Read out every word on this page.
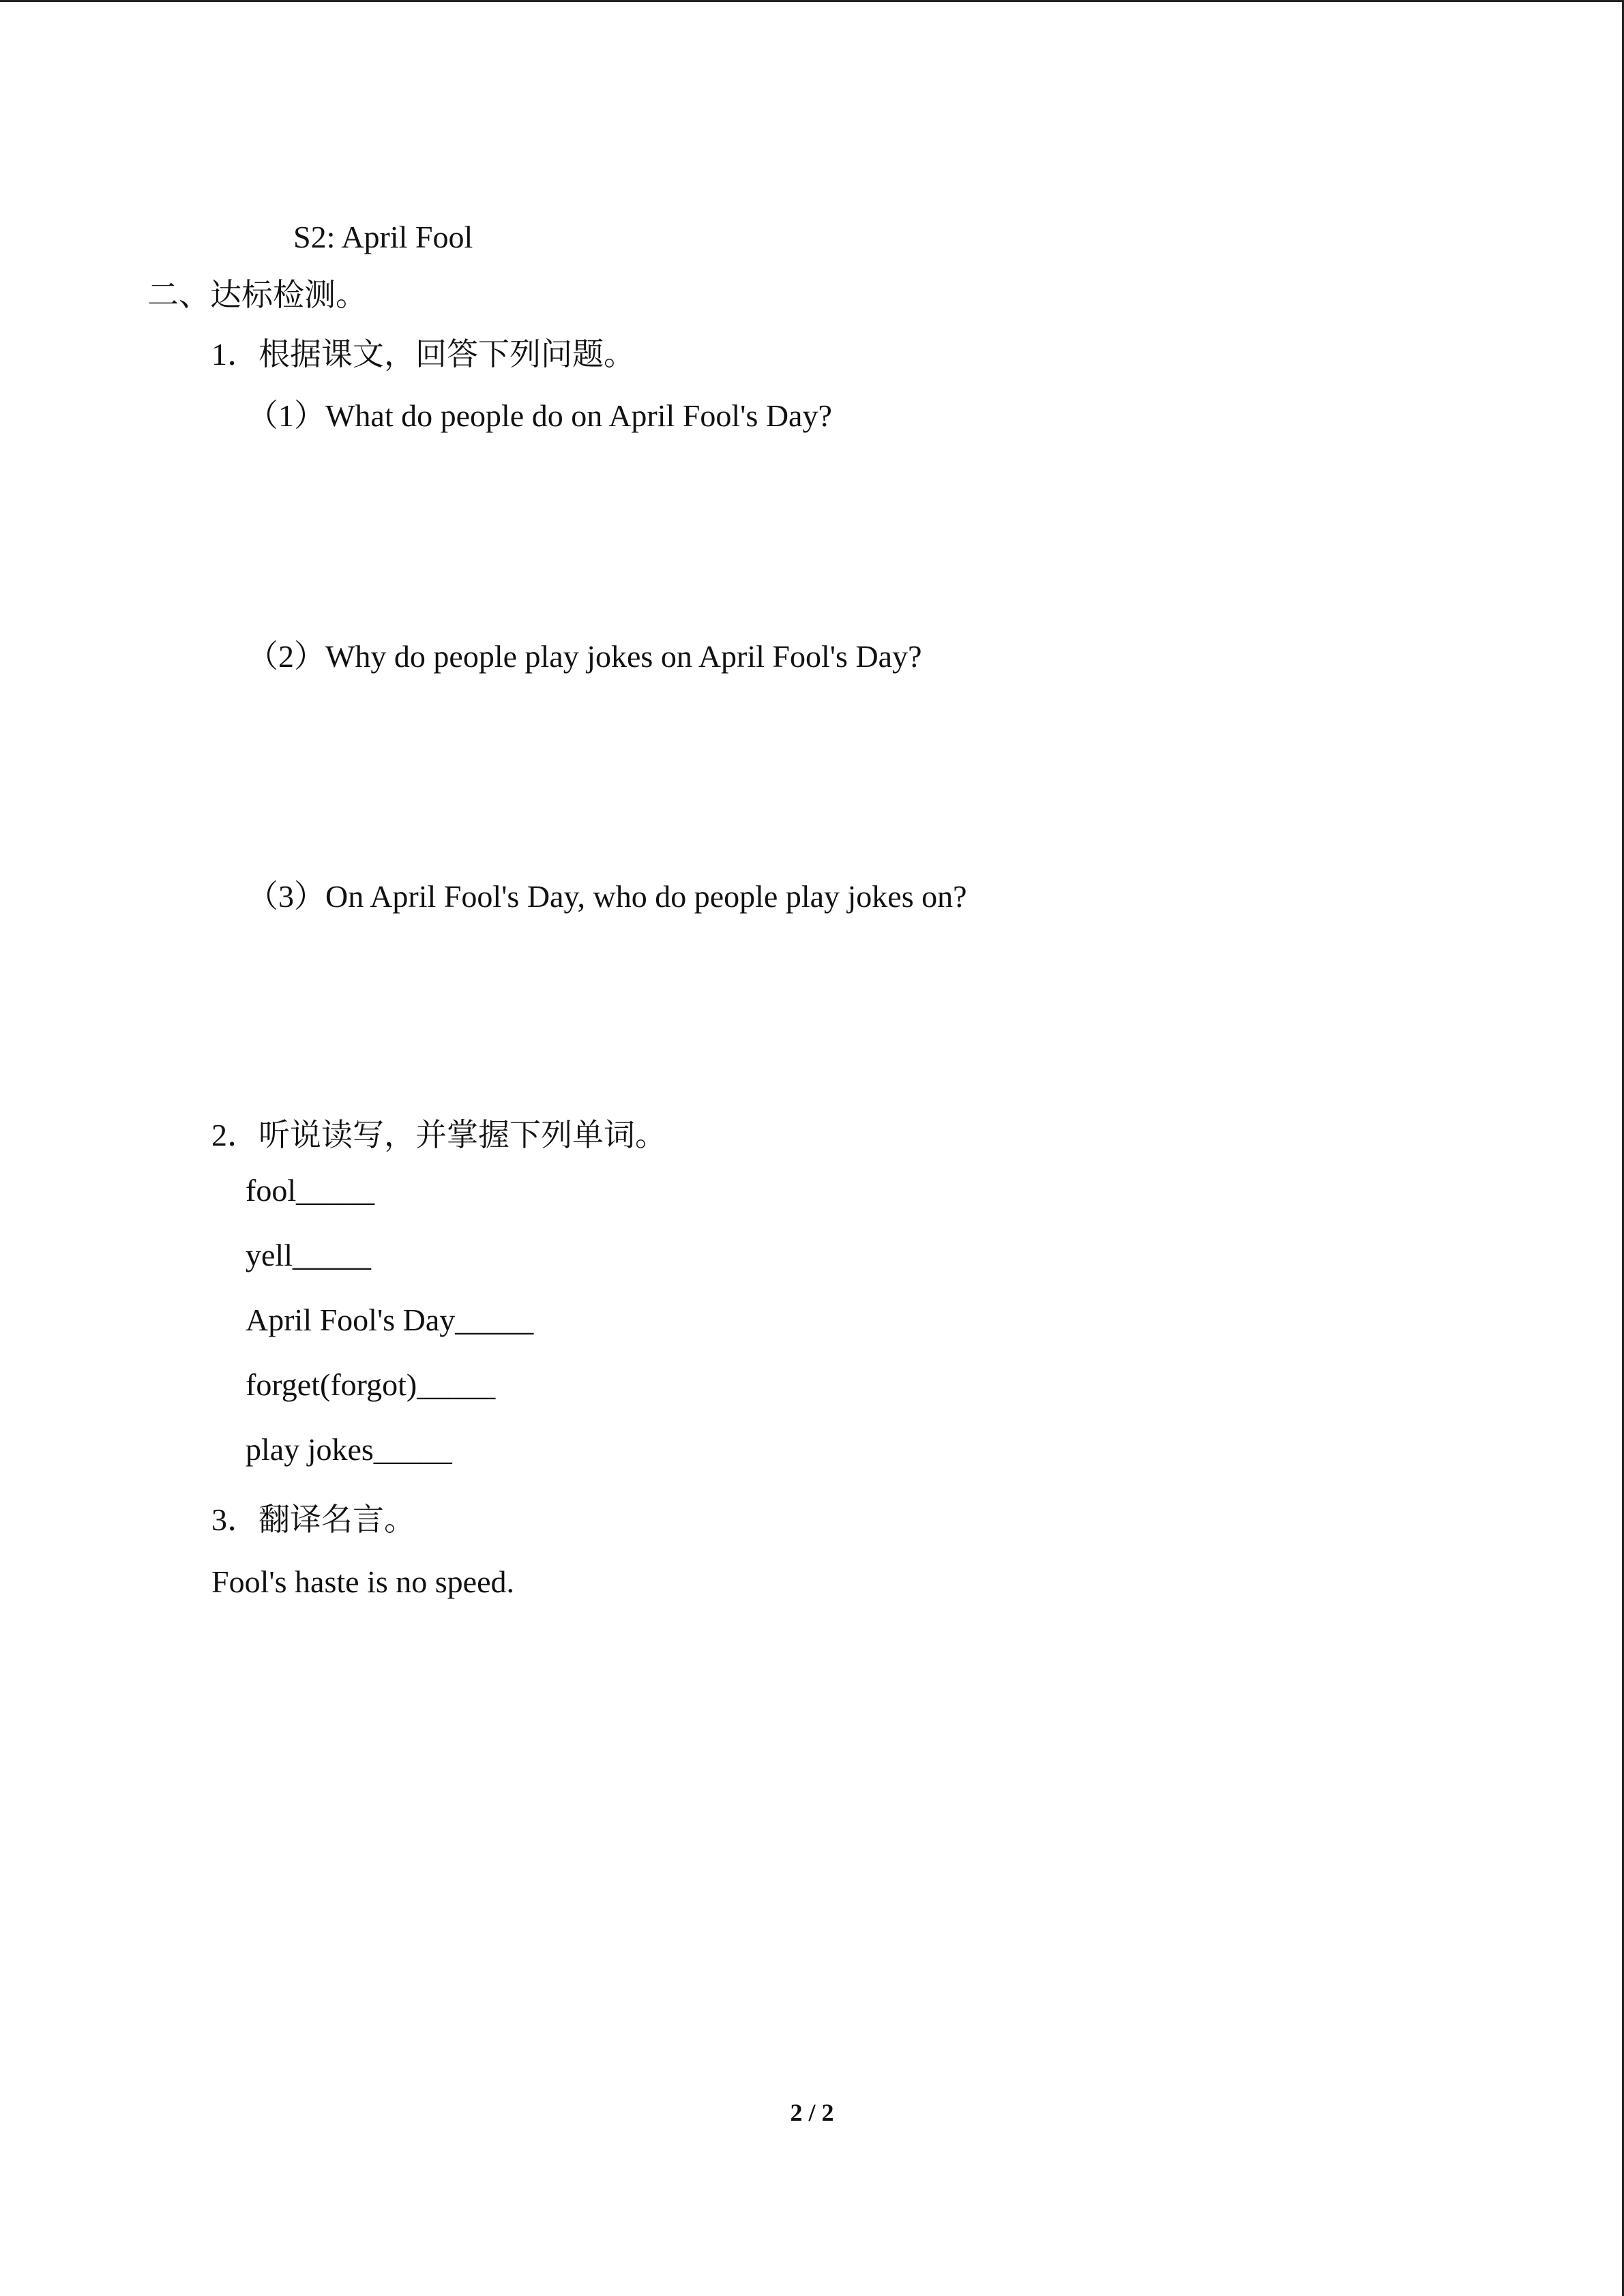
S2: April Fool
二、达标检测。
1．根据课文，回答下列问题。
（1）What do people do on April Fool's Day?
（2）Why do people play jokes on April Fool's Day?
（3）On April Fool's Day, who do people play jokes on?
2．听说读写，并掌握下列单词。
fool_____
yell_____
April Fool's Day_____
forget(forgot)_____
play jokes_____
3．翻译名言。
Fool's haste is no speed.
2 / 2
